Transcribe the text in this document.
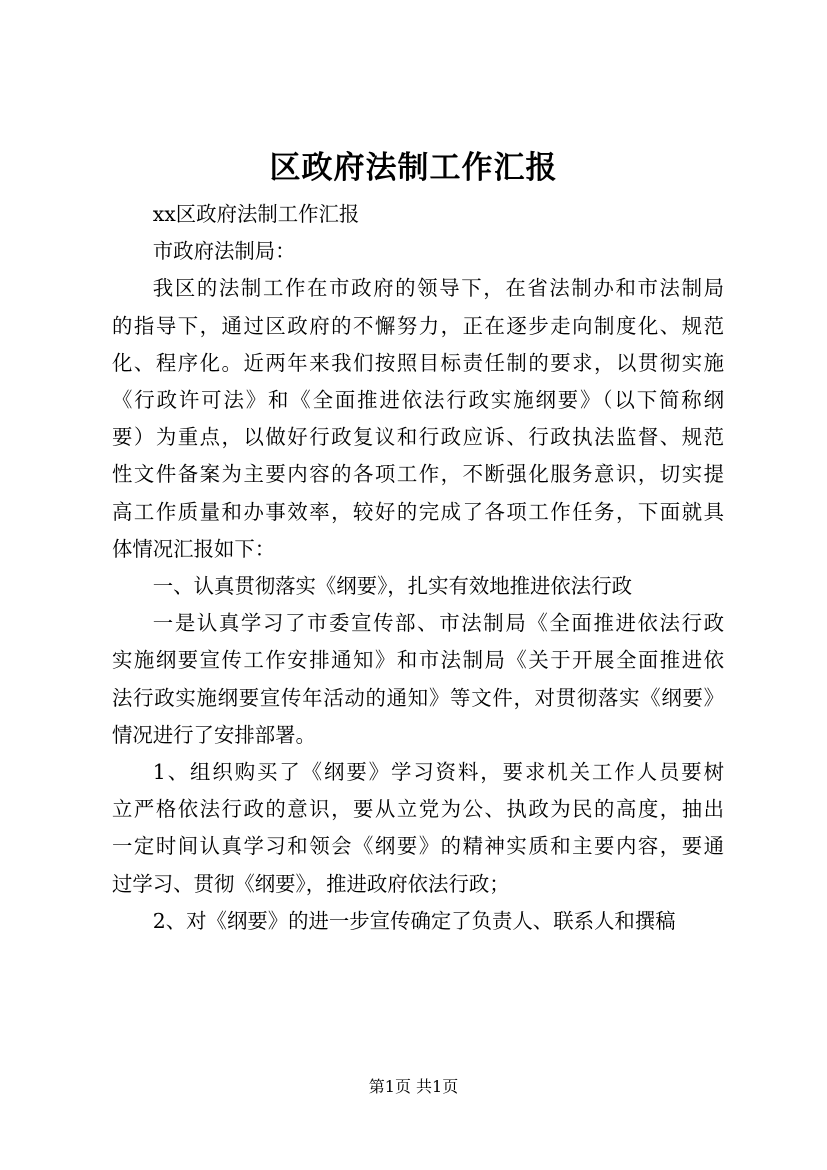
区政府法制工作汇报
xx区政府法制工作汇报
市政府法制局：
我区的法制工作在市政府的领导下，在省法制办和市法制局
的指导下，通过区政府的不懈努力，正在逐步走向制度化、规范
化、程序化。近两年来我们按照目标责任制的要求，以贯彻实施
《行政许可法》和《全面推进依法行政实施纲要》（以下简称纲
要）为重点，以做好行政复议和行政应诉、行政执法监督、规范
性文件备案为主要内容的各项工作，不断强化服务意识，切实提
高工作质量和办事效率，较好的完成了各项工作任务，下面就具
体情况汇报如下：
一、认真贯彻落实《纲要》，扎实有效地推进依法行政
一是认真学习了市委宣传部、市法制局《全面推进依法行政
实施纲要宣传工作安排通知》和市法制局《关于开展全面推进依
法行政实施纲要宣传年活动的通知》等文件，对贯彻落实《纲要》
情况进行了安排部署。
1、组织购买了《纲要》学习资料，要求机关工作人员要树
立严格依法行政的意识，要从立党为公、执政为民的高度，抽出
一定时间认真学习和领会《纲要》的精神实质和主要内容，要通
过学习、贯彻《纲要》，推进政府依法行政；
2、对《纲要》的进一步宣传确定了负责人、联系人和撰稿
第1页 共1页
